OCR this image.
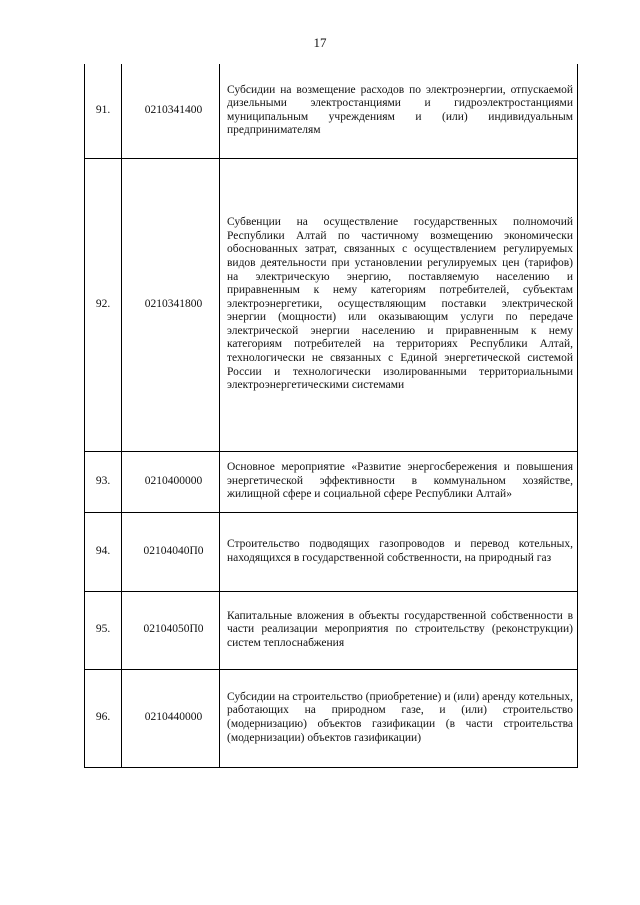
17
91.	0210341400	Субсидии на возмещение расходов по электроэнергии, отпускаемой дизельными электростанциями и гидроэлектростанциями муниципальным учреждениям и (или) индивидуальным предпринимателям
92.	0210341800	Субвенции на осуществление государственных полномочий Республики Алтай по частичному возмещению экономически обоснованных затрат, связанных с осуществлением регулируемых видов деятельности при установлении регулируемых цен (тарифов) на электрическую энергию, поставляемую населению и приравненным к нему категориям потребителей, субъектам электроэнергетики, осуществляющим поставки электрической энергии (мощности) или оказывающим услуги по передаче электрической энергии населению и приравненным к нему категориям потребителей на территориях Республики Алтай, технологически не связанных с Единой энергетической системой России и технологически изолированными территориальными электроэнергетическими системами
93.	0210400000	Основное мероприятие «Развитие энергосбережения и повышения энергетической эффективности в коммунальном хозяйстве, жилищной сфере и социальной сфере Республики Алтай»
94.	02104040П0	Строительство подводящих газопроводов и перевод котельных, находящихся в государственной собственности, на природный газ
95.	02104050П0	Капитальные вложения в объекты государственной собственности в части реализации мероприятия по строительству (реконструкции) систем теплоснабжения
96.	0210440000	Субсидии на строительство (приобретение) и (или) аренду котельных, работающих на природном газе, и (или) строительство (модернизацию) объектов газификации (в части строительства (модернизации) объектов газификации)
